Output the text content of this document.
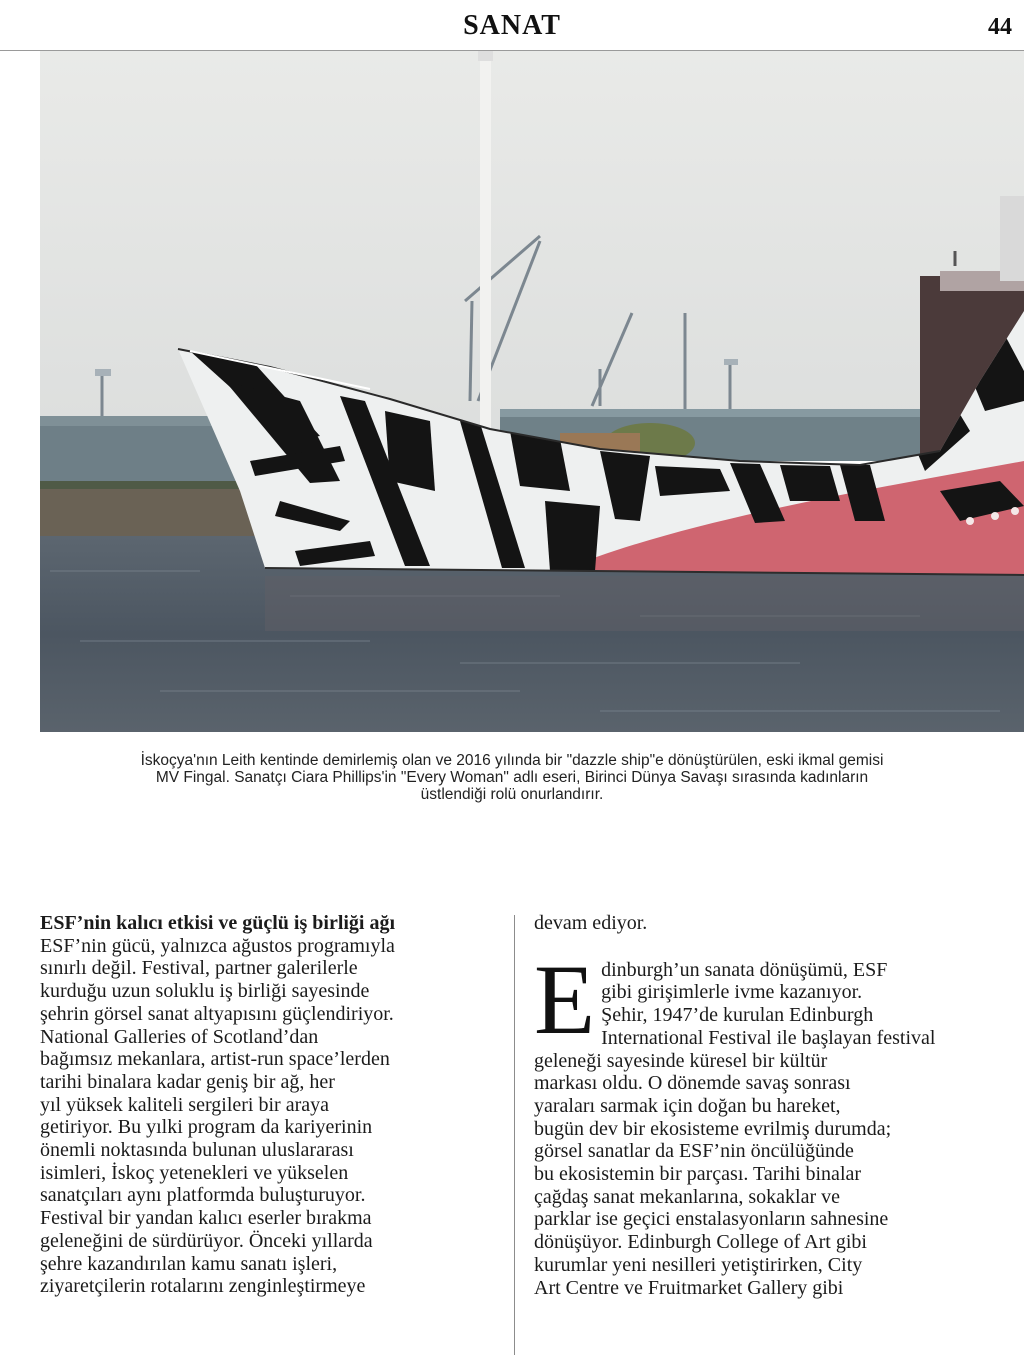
SANAT	44
İskoçya'nın Leith kentinde demirlemiş olan ve 2016 yılında bir "dazzle ship"e dönüştürülen, eski ikmal gemisi
MV Fingal. Sanatçı Ciara Phillips'in "Every Woman" adlı eseri, Birinci Dünya Savaşı sırasında kadınların
üstlendiği rolü onurlandırır.
ESF’nin kalıcı etkisi ve güçlü iş birliği ağı
ESF’nin gücü, yalnızca ağustos programıyla
sınırlı değil. Festival, partner galerilerle
kurduğu uzun soluklu iş birliği sayesinde
şehrin görsel sanat altyapısını güçlendiriyor.
National Galleries of Scotland’dan
bağımsız mekanlara, artist-run space’lerden
tarihi binalara kadar geniş bir ağ, her
yıl yüksek kaliteli sergileri bir araya
getiriyor. Bu yılki program da kariyerinin
önemli noktasında bulunan uluslararası
isimleri, İskoç yetenekleri ve yükselen
sanatçıları aynı platformda buluşturuyor.
Festival bir yandan kalıcı eserler bırakma
geleneğini de sürdürüyor. Önceki yıllarda
şehre kazandırılan kamu sanatı işleri,
ziyaretçilerin rotalarını zenginleştirmeye
devam ediyor.
E dinburgh’un sanata dönüşümü, ESF
gibi girişimlerle ivme kazanıyor.
Şehir, 1947’de kurulan Edinburgh
International Festival ile başlayan festival
geleneği sayesinde küresel bir kültür
markası oldu. O dönemde savaş sonrası
yaraları sarmak için doğan bu hareket,
bugün dev bir ekosisteme evrilmiş durumda;
görsel sanatlar da ESF’nin öncülüğünde
bu ekosistemin bir parçası. Tarihi binalar
çağdaş sanat mekanlarına, sokaklar ve
parklar ise geçici enstalasyonların sahnesine
dönüşüyor. Edinburgh College of Art gibi
kurumlar yeni nesilleri yetiştirirken, City
Art Centre ve Fruitmarket Gallery gibi
